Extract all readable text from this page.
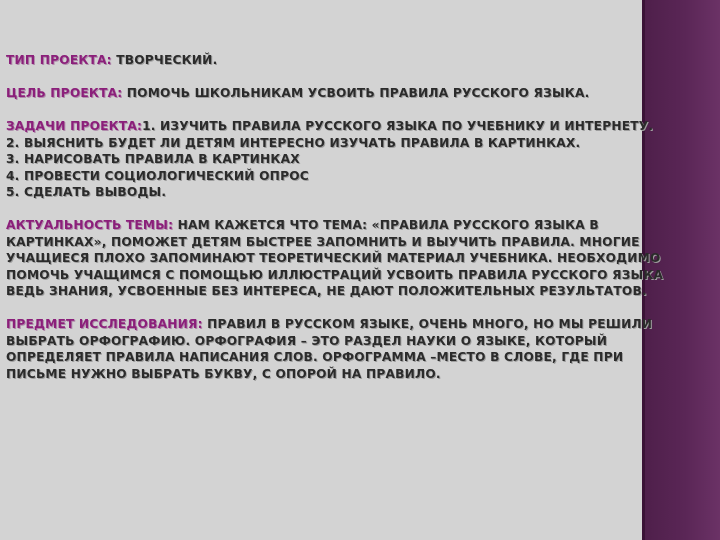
ТИП ПРОЕКТА: ТВОРЧЕСКИЙ.

ЦЕЛЬ ПРОЕКТА: ПОМОЧЬ ШКОЛЬНИКАМ УСВОИТЬ ПРАВИЛА РУССКОГО ЯЗЫКА.

ЗАДАЧИ ПРОЕКТА:1. ИЗУЧИТЬ ПРАВИЛА РУССКОГО ЯЗЫКА ПО УЧЕБНИКУ И ИНТЕРНЕТУ.
2. ВЫЯСНИТЬ БУДЕТ ЛИ ДЕТЯМ ИНТЕРЕСНО ИЗУЧАТЬ ПРАВИЛА В КАРТИНКАХ.
3. НАРИСОВАТЬ ПРАВИЛА В КАРТИНКАХ
4. ПРОВЕСТИ СОЦИОЛОГИЧЕСКИЙ ОПРОС
5. СДЕЛАТЬ ВЫВОДЫ.

АКТУАЛЬНОСТЬ ТЕМЫ: НАМ КАЖЕТСЯ ЧТО ТЕМА: «ПРАВИЛА РУССКОГО ЯЗЫКА В
КАРТИНКАХ», ПОМОЖЕТ ДЕТЯМ БЫСТРЕЕ ЗАПОМНИТЬ И ВЫУЧИТЬ ПРАВИЛА. МНОГИЕ
УЧАЩИЕСЯ ПЛОХО ЗАПОМИНАЮТ ТЕОРЕТИЧЕСКИЙ МАТЕРИАЛ УЧЕБНИКА. НЕОБХОДИМО
ПОМОЧЬ УЧАЩИМСЯ С ПОМОЩЬЮ ИЛЛЮСТРАЦИЙ УСВОИТЬ ПРАВИЛА РУССКОГО ЯЗЫКА
ВЕДЬ ЗНАНИЯ, УСВОЕННЫЕ БЕЗ ИНТЕРЕСА, НЕ ДАЮТ ПОЛОЖИТЕЛЬНЫХ РЕЗУЛЬТАТОВ.

ПРЕДМЕТ ИССЛЕДОВАНИЯ: ПРАВИЛ В РУССКОМ ЯЗЫКЕ, ОЧЕНЬ МНОГО, НО МЫ РЕШИЛИ
ВЫБРАТЬ ОРФОГРАФИЮ. ОРФОГРАФИЯ – ЭТО РАЗДЕЛ НАУКИ О ЯЗЫКЕ, КОТОРЫЙ
ОПРЕДЕЛЯЕТ ПРАВИЛА НАПИСАНИЯ СЛОВ. ОРФОГРАММА –МЕСТО В СЛОВЕ, ГДЕ ПРИ
ПИСЬМЕ НУЖНО ВЫБРАТЬ БУКВУ, С ОПОРОЙ НА ПРАВИЛО.
